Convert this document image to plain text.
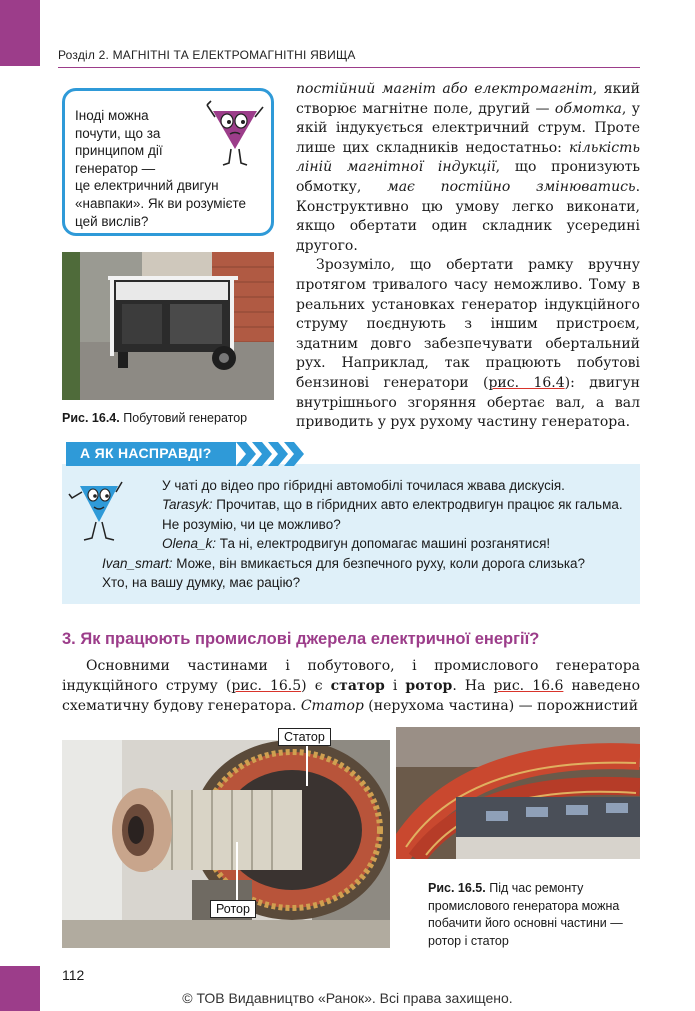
Розділ 2. МАГНІТНІ ТА ЕЛЕКТРОМАГНІТНІ ЯВИЩА
Іноді можна
почути, що за
принципом дії
генератор —
це електричний двигун
«навпаки». Як ви розумієте
цей вислів?
Рис. 16.4. Побутовий генератор

постійний магніт або електромагніт, який створює магнітне поле, другий — обмотка, у якій індукується електричний струм. Проте лише цих складників недостатньо: кількість ліній магнітної індукції, що пронизують обмотку, має постійно змінюватись. Конструктивно цю умову легко виконати, якщо обертати один складник усередині другого.

Зрозуміло, що обертати рамку вручну протягом тривалого часу неможливо. Тому в реальних установках генератор індукційного струму поєднують з іншим пристроєм, здатним довго забезпечувати обертальний рух. Наприклад, так працюють побутові бензинові генератори (рис. 16.4): двигун внутрішнього згоряння обертає вал, а вал приводить у рух рухому частину генератора.

А ЯК НАСПРАВДІ?
У чаті до відео про гібридні автомобілі точилася жвава дискусія.
Tarasyk: Прочитав, що в гібридних авто електродвигун працює як гальма. Не розумію, чи це можливо?
Olena_k: Та ні, електродвигун допомагає машині розганятися!
Ivan_smart: Може, він вмикається для безпечного руху, коли дорога слизька?
Хто, на вашу думку, має рацію?
3. Як працюють промислові джерела електричної енергії?

Основними частинами і побутового, і промислового генератора індукційного струму (рис. 16.5) є статор і ротор. На рис. 16.6 наведено схематичну будову генератора. Статор (нерухома частина) — порожнистий

Статор
Ротор
Рис. 16.5. Під час ремонту промислового генератора можна побачити його основні частини — ротор і статор
112
© ТОВ Видавництво «Ранок». Всі права захищено.
